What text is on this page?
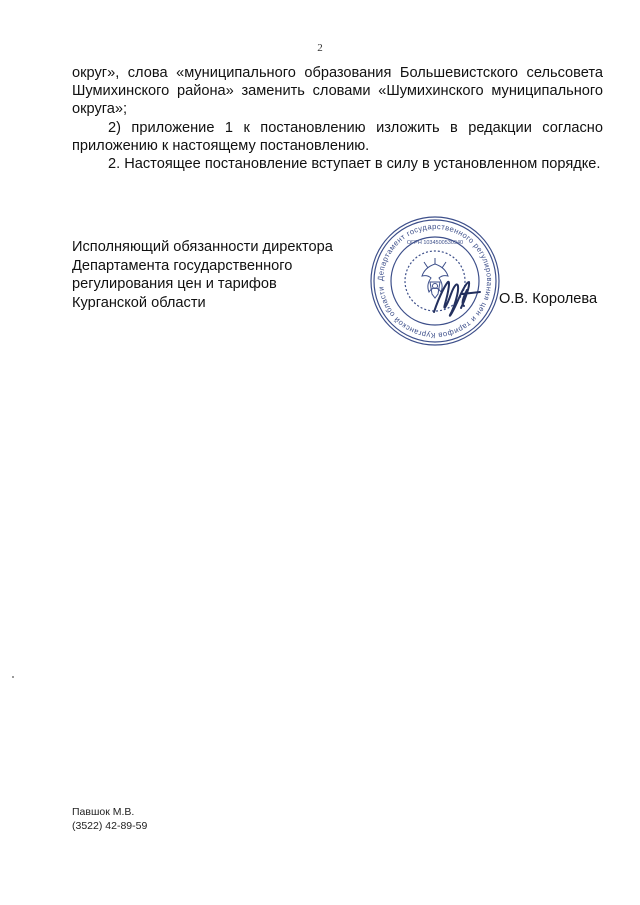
2

округ», слова «муниципального образования Большевистского сельсовета Шумихинского района» заменить словами «Шумихинского муниципального округа»;

2) приложение 1 к постановлению изложить в редакции согласно приложению к настоящему постановлению.

2. Настоящее постановление вступает в силу в установленном порядке.

Исполняющий обязанности директора
Департамента государственного
регулирования цен и тарифов
Курганской области
Департамент государственного регулирования цен и тарифов Курганской области
ОГРН 1034500530940
О.В. Королева
Павшок М.В.
(3522) 42-89-59
